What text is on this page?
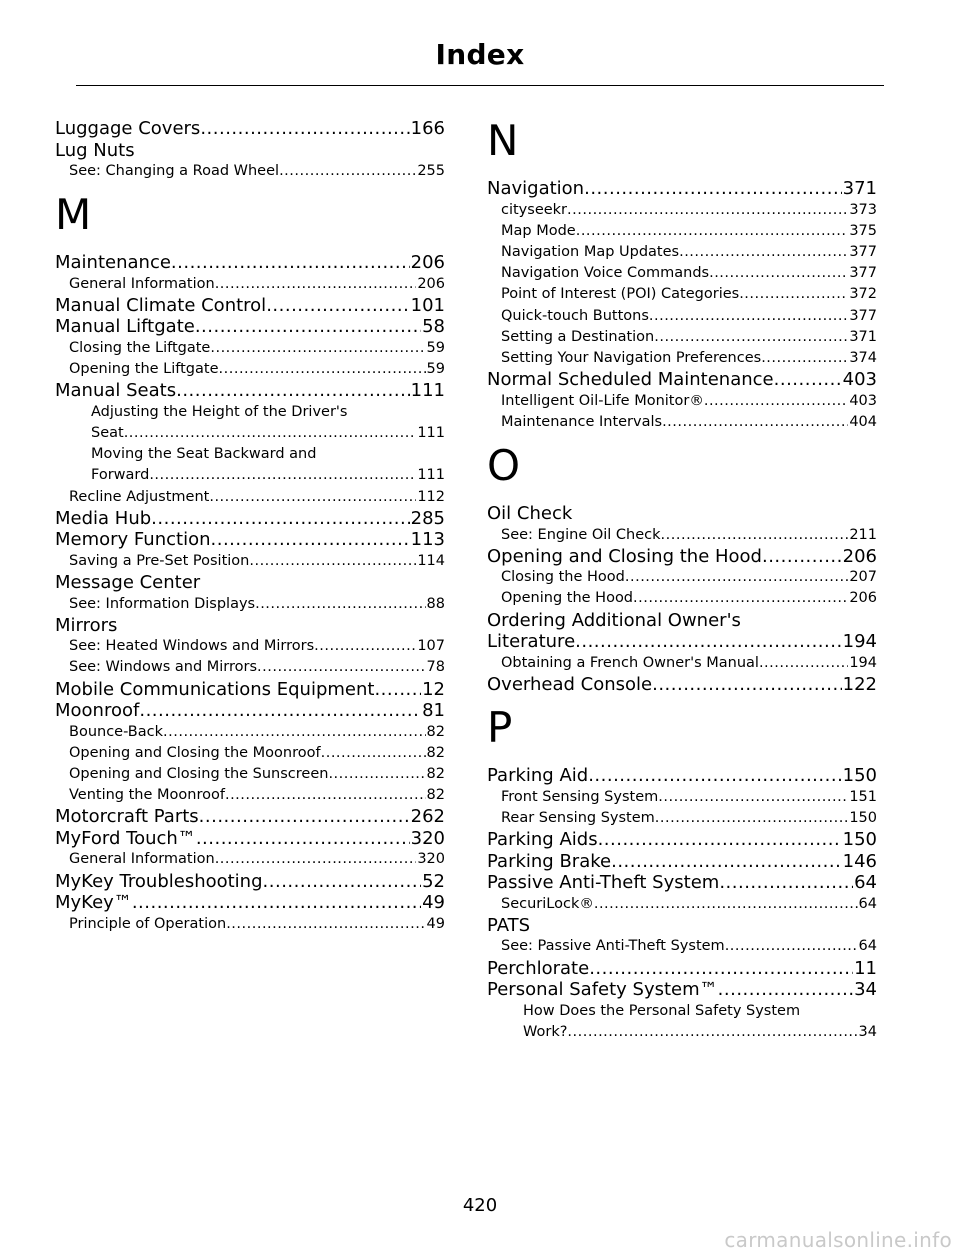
Index
Luggage Covers .....	166
Lug Nuts
See: Changing a Road Wheel .....	255
M
Maintenance .....	206
General Information .....	206
Manual Climate Control .....	101
Manual Liftgate .....	58
Closing the Liftgate .....	59
Opening the Liftgate .....	59
Manual Seats .....	111
Adjusting the Height of the Driver's
Seat .....	111
Moving the Seat Backward and
Forward .....	111
Recline Adjustment .....	112
Media Hub .....	285
Memory Function .....	113
Saving a Pre-Set Position .....	114
Message Center
See: Information Displays .....	88
Mirrors
See: Heated Windows and Mirrors .....	107
See: Windows and Mirrors .....	78
Mobile Communications Equipment .....	12
Moonroof .....	81
Bounce-Back .....	82
Opening and Closing the Moonroof .....	82
Opening and Closing the Sunscreen .....	82
Venting the Moonroof .....	82
Motorcraft Parts .....	262
MyFord Touch™ .....	320
General Information .....	320
MyKey Troubleshooting .....	52
MyKey™ .....	49
Principle of Operation .....	49
N
Navigation .....	371
cityseekr .....	373
Map Mode .....	375
Navigation Map Updates .....	377
Navigation Voice Commands .....	377
Point of Interest (POI) Categories .....	372
Quick-touch Buttons .....	377
Setting a Destination .....	371
Setting Your Navigation Preferences .....	374
Normal Scheduled Maintenance .....	403
Intelligent Oil-Life Monitor® .....	403
Maintenance Intervals .....	404
O
Oil Check
See: Engine Oil Check .....	211
Opening and Closing the Hood .....	206
Closing the Hood .....	207
Opening the Hood .....	206
Ordering Additional Owner's
Literature .....	194
Obtaining a French Owner's Manual .....	194
Overhead Console .....	122
P
Parking Aid .....	150
Front Sensing System .....	151
Rear Sensing System .....	150
Parking Aids .....	150
Parking Brake .....	146
Passive Anti-Theft System .....	64
SecuriLock® .....	64
PATS
See: Passive Anti-Theft System .....	64
Perchlorate .....	11
Personal Safety System™ .....	34
How Does the Personal Safety System
Work? .....	34
420
carmanualsonline.info
